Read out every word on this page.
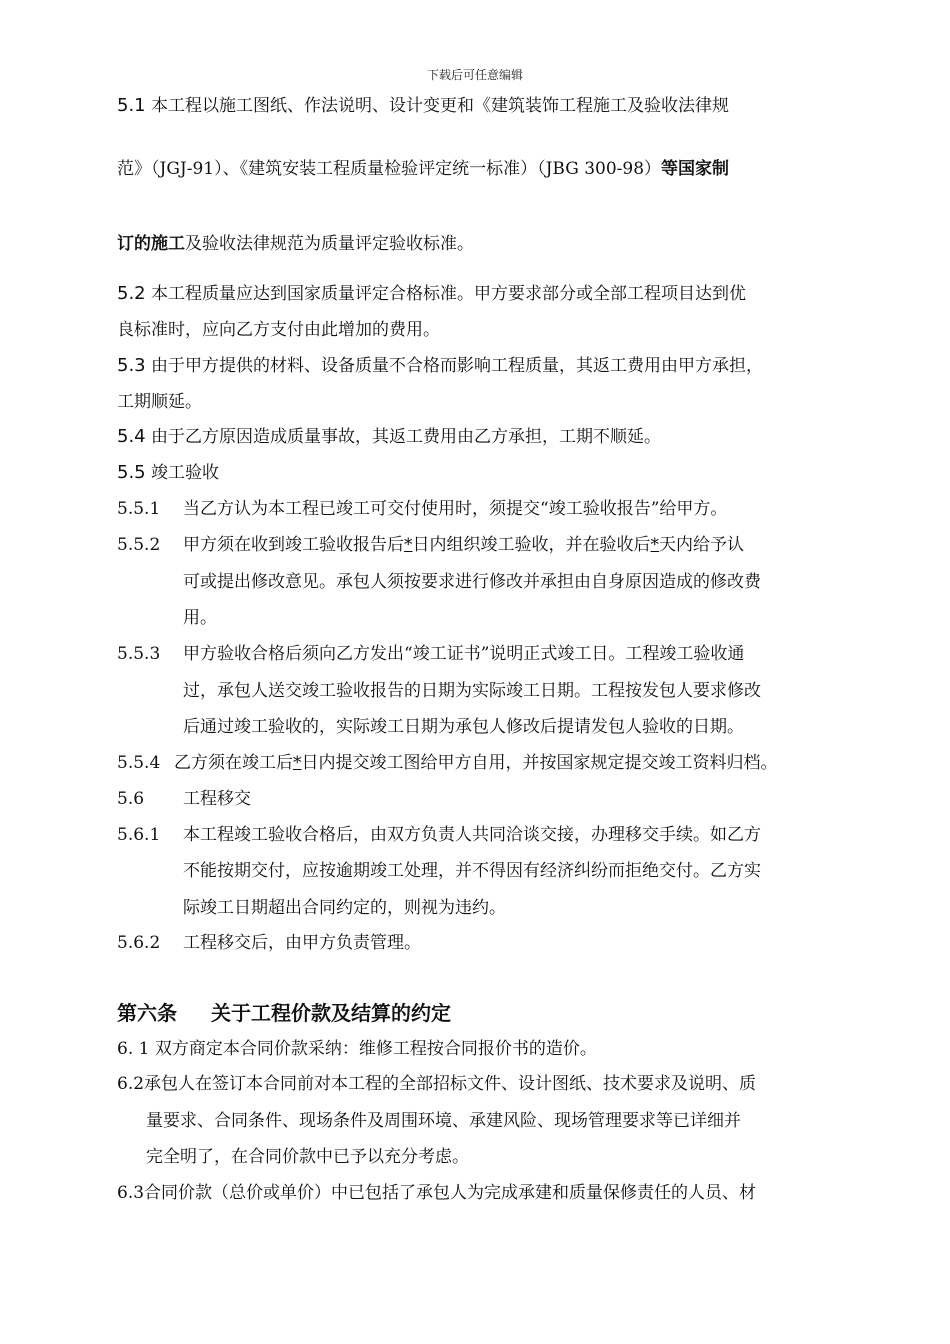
下载后可任意编辑
5.1 本工程以施工图纸、作法说明、设计变更和《建筑装饰工程施工及验收法律规
范》（JGJ-91）、《建筑安装工程质量检验评定统一标准）（JBG 300-98）等国家制
订的施工及验收法律规范为质量评定验收标准。
5.2 本工程质量应达到国家质量评定合格标准。甲方要求部分或全部工程项目达到优
良标准时，应向乙方支付由此增加的费用。
5.3 由于甲方提供的材料、设备质量不合格而影响工程质量，其返工费用由甲方承担，
工期顺延。
5.4 由于乙方原因造成质量事故，其返工费用由乙方承担，工期不顺延。
5.5 竣工验收
5.5.1 当乙方认为本工程已竣工可交付使用时，须提交“竣工验收报告”给甲方。
5.5.2 甲方须在收到竣工验收报告后*日内组织竣工验收，并在验收后*天内给予认
可或提出修改意见。承包人须按要求进行修改并承担由自身原因造成的修改费
用。
5.5.3 甲方验收合格后须向乙方发出“竣工证书”说明正式竣工日。工程竣工验收通
过，承包人送交竣工验收报告的日期为实际竣工日期。工程按发包人要求修改
后通过竣工验收的，实际竣工日期为承包人修改后提请发包人验收的日期。
5.5.4 乙方须在竣工后*日内提交竣工图给甲方自用，并按国家规定提交竣工资料归档。
5.6 工程移交
5.6.1 本工程竣工验收合格后，由双方负责人共同洽谈交接，办理移交手续。如乙方
不能按期交付，应按逾期竣工处理，并不得因有经济纠纷而拒绝交付。乙方实
际竣工日期超出合同约定的，则视为违约。
5.6.2 工程移交后，由甲方负责管理。
第六条 关于工程价款及结算的约定
6. 1 双方商定本合同价款采纳：维修工程按合同报价书的造价。
6.2承包人在签订本合同前对本工程的全部招标文件、设计图纸、技术要求及说明、质
量要求、合同条件、现场条件及周围环境、承建风险、现场管理要求等已详细并
完全明了，在合同价款中已予以充分考虑。
6.3合同价款（总价或单价）中已包括了承包人为完成承建和质量保修责任的人员、材
